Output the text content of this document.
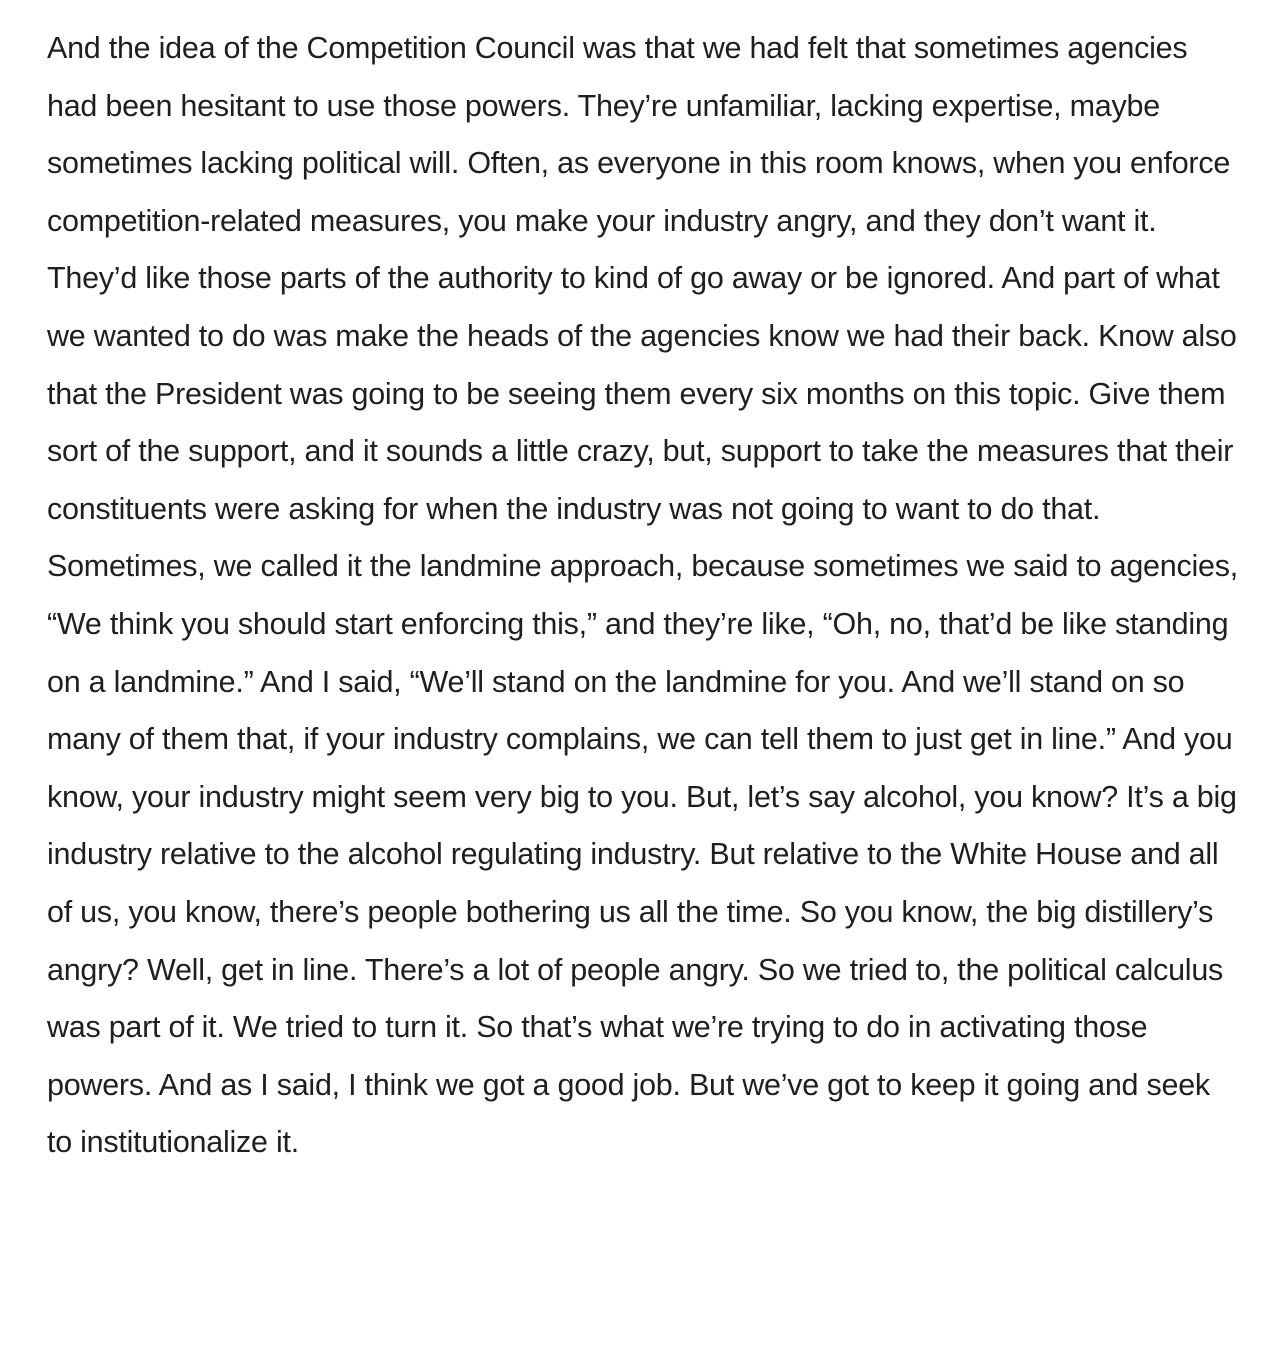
And the idea of the Competition Council was that we had felt that sometimes agencies had been hesitant to use those powers. They’re unfamiliar, lacking expertise, maybe sometimes lacking political will. Often, as everyone in this room knows, when you enforce competition-related measures, you make your industry angry, and they don’t want it. They’d like those parts of the authority to kind of go away or be ignored. And part of what we wanted to do was make the heads of the agencies know we had their back. Know also that the President was going to be seeing them every six months on this topic. Give them sort of the support, and it sounds a little crazy, but, support to take the measures that their constituents were asking for when the industry was not going to want to do that. Sometimes, we called it the landmine approach, because sometimes we said to agencies, “We think you should start enforcing this,” and they’re like, “Oh, no, that’d be like standing on a landmine.” And I said, “We’ll stand on the landmine for you. And we’ll stand on so many of them that, if your industry complains, we can tell them to just get in line.” And you know, your industry might seem very big to you. But, let’s say alcohol, you know? It’s a big industry relative to the alcohol regulating industry. But relative to the White House and all of us, you know, there’s people bothering us all the time. So you know, the big distillery’s angry? Well, get in line. There’s a lot of people angry. So we tried to, the political calculus was part of it. We tried to turn it. So that’s what we’re trying to do in activating those powers. And as I said, I think we got a good job. But we’ve got to keep it going and seek to institutionalize it.
